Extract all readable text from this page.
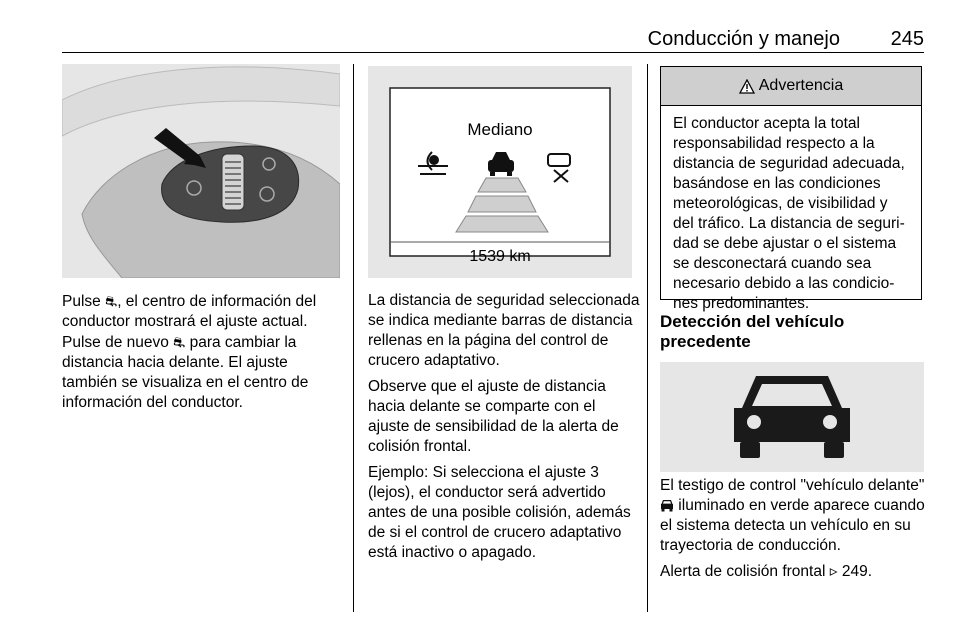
Conducción y manejo	245

Pulse ⛐, el centro de información del conductor mostrará el ajuste actual. Pulse de nuevo ⛐ para cambiar la distancia hacia delante. El ajuste también se visualiza en el centro de información del conductor.

Mediano
1539 km

La distancia de seguridad seleccionada se indica mediante barras de distancia rellenas en la página del control de crucero adaptativo.

Observe que el ajuste de distancia hacia delante se comparte con el ajuste de sensibilidad de la alerta de colisión frontal.

Ejemplo: Si selecciona el ajuste 3 (lejos), el conductor será advertido antes de una posible colisión, además de si el control de crucero adaptativo está inactivo o apagado.

Advertencia
El conductor acepta la total responsabilidad respecto a la distancia de seguridad adecuada, basándose en las condiciones meteorológicas, de visibilidad y del tráfico. La distancia de seguridad se debe ajustar o el sistema se desconectará cuando sea necesario debido a las condiciones predominantes.
Detección del vehículo precedente

El testigo de control "vehículo delante"  iluminado en verde aparece cuando el sistema detecta un vehículo en su trayectoria de conducción.

Alerta de colisión frontal ▹ 249.
